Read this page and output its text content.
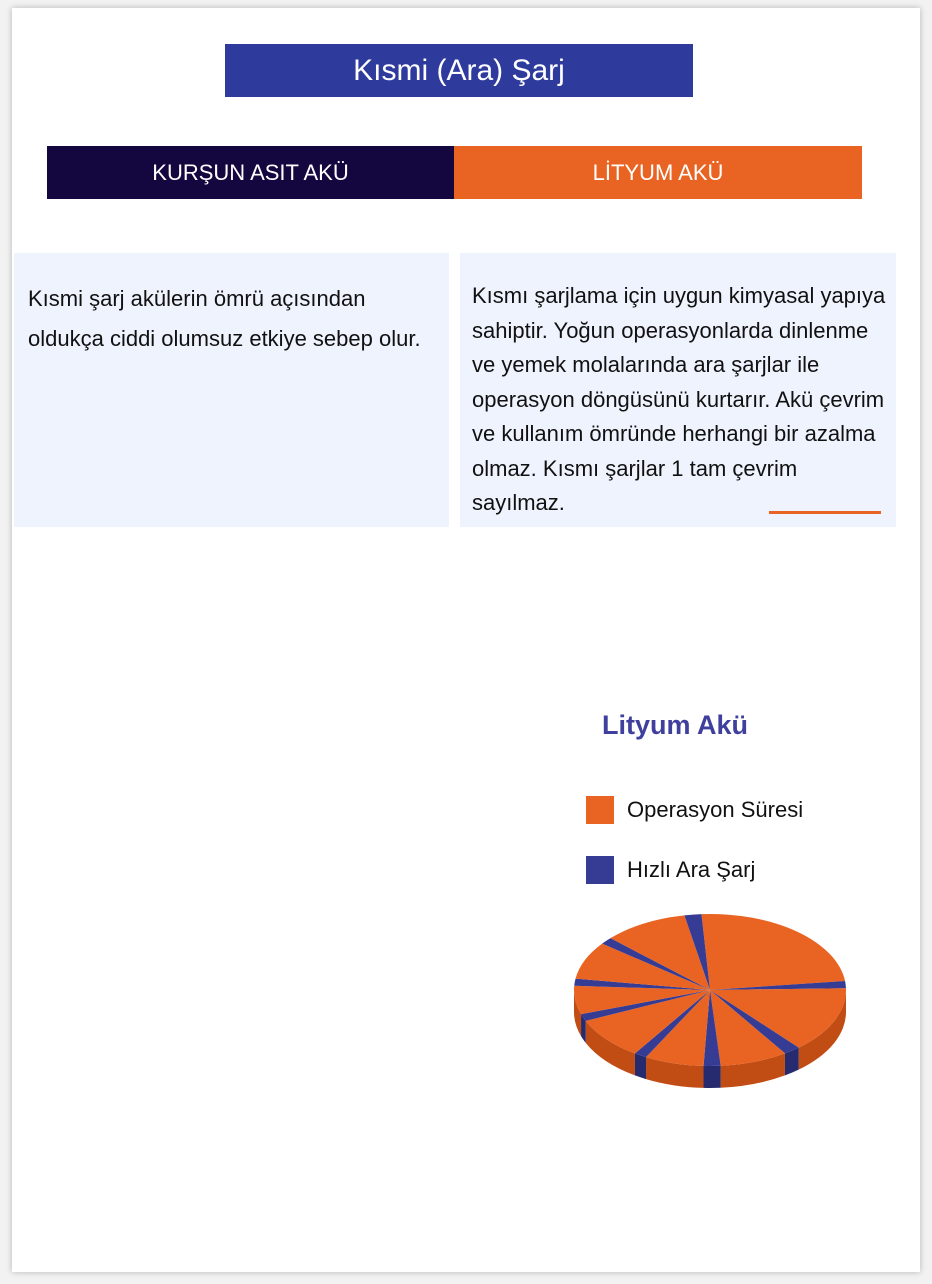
Kısmi (Ara) Şarj
KURŞUN ASIT AKÜ	LİTYUM AKÜ
Kısmi şarj akülerin ömrü açısından oldukça ciddi olumsuz etkiye sebep olur.
Kısmı şarjlama için uygun kimyasal yapıya sahiptir. Yoğun operasyonlarda dinlenme ve yemek molalarında ara şarjlar ile operasyon döngüsünü kurtarır. Akü çevrim ve kullanım ömründe herhangi bir azalma olmaz. Kısmı şarjlar 1 tam çevrim sayılmaz.
Lityum Akü
Operasyon Süresi
Hızlı Ara Şarj
